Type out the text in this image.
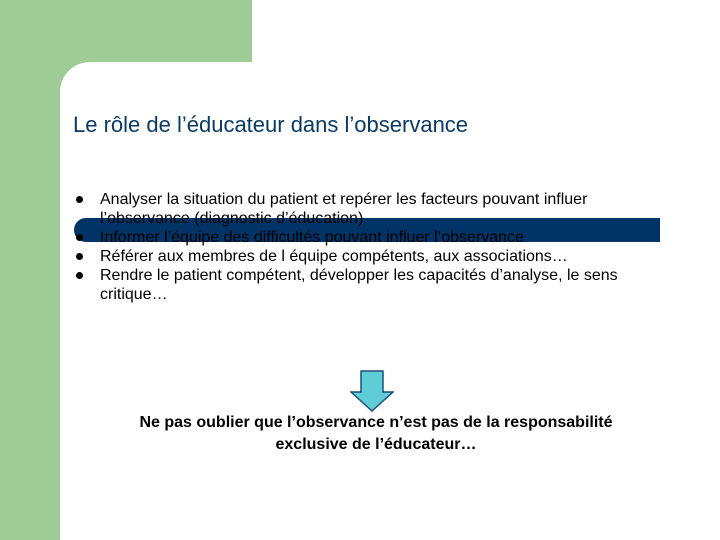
Le rôle de l’éducateur dans l’observance
Analyser la situation du patient et repérer les facteurs pouvant influer l’observance (diagnostic d’éducation)
Informer l’équipe des difficultés pouvant influer l’observance
Référer aux membres de l équipe compétents, aux associations…
Rendre le patient compétent, développer les capacités d’analyse, le sens critique…

Ne pas oublier que l’observance n’est pas de la responsabilité
exclusive de l’éducateur…
